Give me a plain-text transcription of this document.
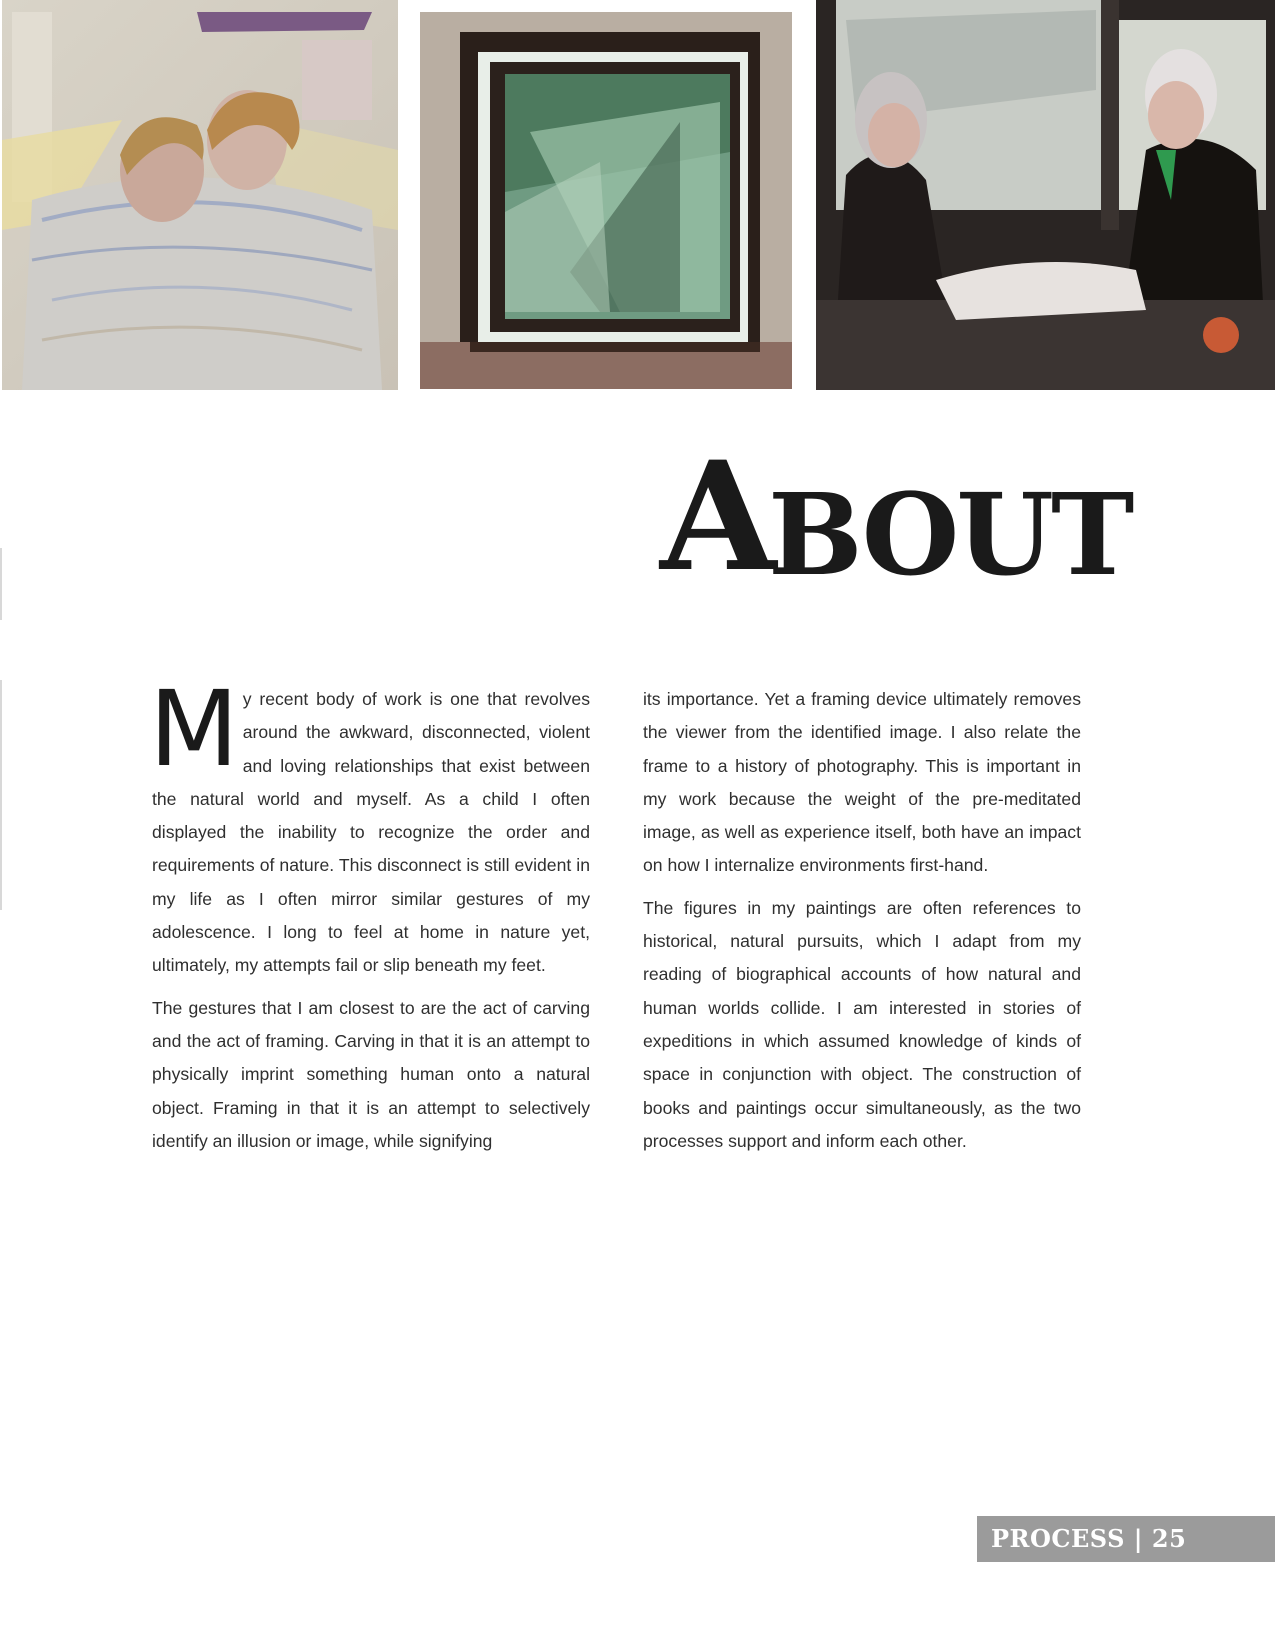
A
BOUT

M y recent body of work is one that revolves around the awkward, disconnected, violent and loving relationships that exist between the natural world and myself. As a child I often displayed the inability to recognize the order and requirements of nature. This disconnect is still evident in my life as I often mirror similar gestures of my adolescence. I long to feel at home in nature yet, ultimately, my attempts fail or slip beneath my feet.

The gestures that I am closest to are the act of carving and the act of framing. Carving in that it is an attempt to physically imprint something human onto a natural object. Framing in that it is an attempt to selectively identify an illusion or image, while signifying

its importance. Yet a framing device ultimately removes the viewer from the identified image. I also relate the frame to a history of photography. This is important in my work because the weight of the pre-meditated image, as well as experience itself, both have an impact on how I internalize environments first-hand.

The figures in my paintings are often references to historical, natural pursuits, which I adapt from my reading of biographical accounts of how natural and human worlds collide. I am interested in stories of expeditions in which assumed knowledge of kinds of space in conjunction with object. The construction of books and paintings occur simultaneously, as the two processes support and inform each other.

PROCESS | 25
